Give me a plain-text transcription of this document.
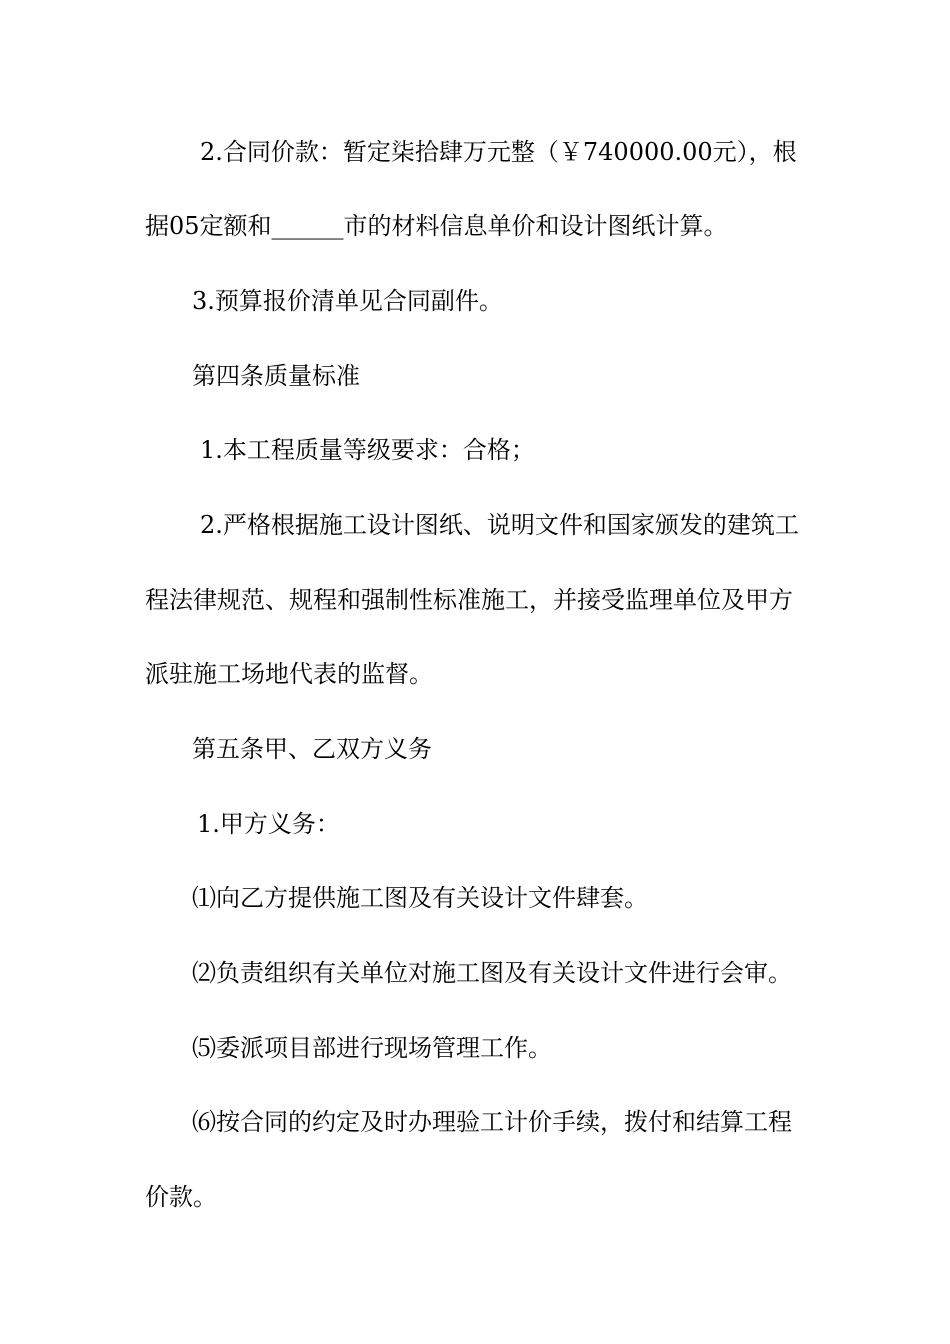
2.合同价款：暂定柒拾肆万元整（￥740000.00元），根
据05定额和______市的材料信息单价和设计图纸计算。
3.预算报价清单见合同副件。
第四条质量标准
1.本工程质量等级要求：合格；
2.严格根据施工设计图纸、说明文件和国家颁发的建筑工
程法律规范、规程和强制性标准施工，并接受监理单位及甲方
派驻施工场地代表的监督。
第五条甲、乙双方义务
1.甲方义务：
⑴向乙方提供施工图及有关设计文件肆套。
⑵负责组织有关单位对施工图及有关设计文件进行会审。
⑸委派项目部进行现场管理工作。
⑹按合同的约定及时办理验工计价手续，拨付和结算工程
价款。
